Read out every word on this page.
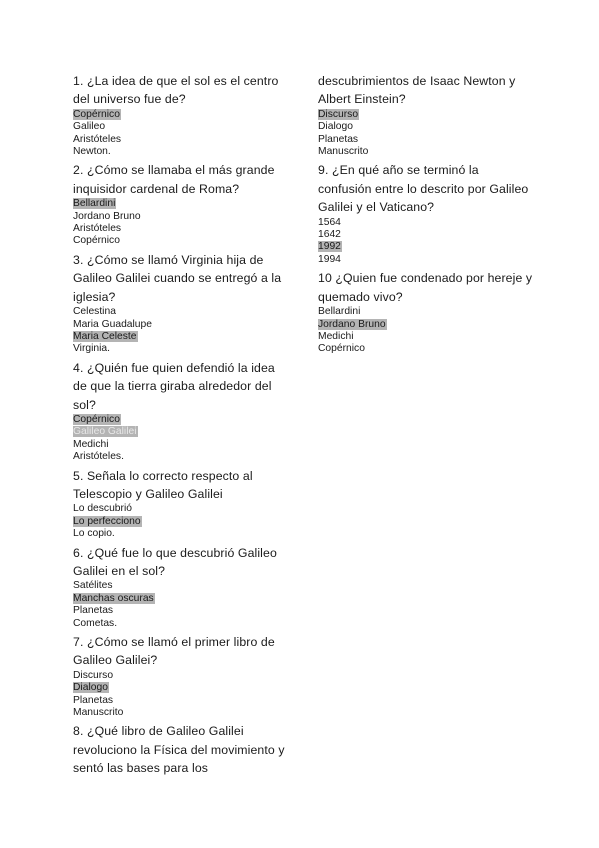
1. ¿La idea de que el sol es el centro del universo fue de?

Copérnico
Galileo
Aristóteles
Newton.

2. ¿Cómo se llamaba el más grande inquisidor cardenal de Roma?

Bellardini
Jordano Bruno
Aristóteles
Copérnico

3. ¿Cómo se llamó Virginia hija de Galileo Galilei cuando se entregó a la iglesia?

Celestina
Maria Guadalupe
Maria Celeste
Virginia.

4. ¿Quién fue quien defendió la idea de que la tierra giraba alrededor del sol?

Copérnico
Galileo Galilei
Medichi
Aristóteles.

5. Señala lo correcto respecto al Telescopio y Galileo Galilei

Lo descubrió
Lo perfecciono
Lo copio.

6. ¿Qué fue lo que descubrió Galileo Galilei en el sol?

Satélites
Manchas oscuras
Planetas
Cometas.

7. ¿Cómo se llamó el primer libro de Galileo Galilei?

Discurso
Dialogo
Planetas
Manuscrito

8. ¿Qué libro de Galileo Galilei revoluciono la Física del movimiento y sentó las bases para los

descubrimientos de Isaac Newton y Albert Einstein?

Discurso
Dialogo
Planetas
Manuscrito

9. ¿En qué año se terminó la confusión entre lo descrito por Galileo Galilei y el Vaticano?

1564
1642
1992
1994

10 ¿Quien fue condenado por hereje y quemado vivo?

Bellardini
Jordano Bruno
Medichi
Copérnico
